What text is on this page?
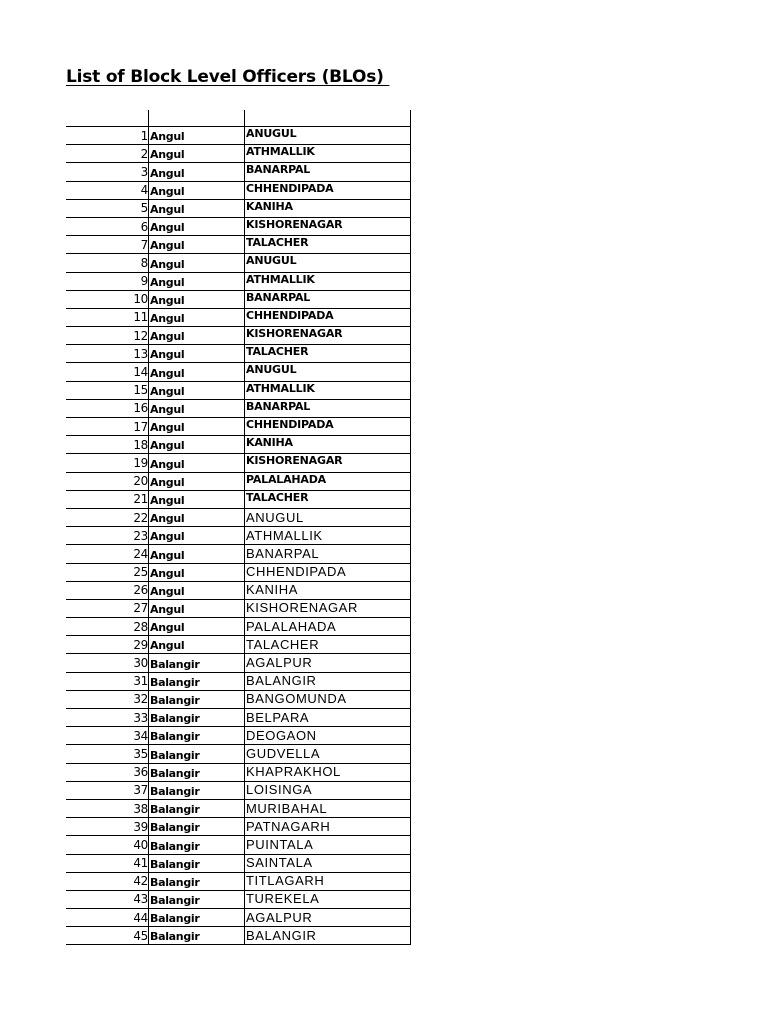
List of Block Level Officers (BLOs)

1	Angul	ANUGUL
2	Angul	ATHMALLIK
3	Angul	BANARPAL
4	Angul	CHHENDIPADA
5	Angul	KANIHA
6	Angul	KISHORENAGAR
7	Angul	TALACHER
8	Angul	ANUGUL
9	Angul	ATHMALLIK
10	Angul	BANARPAL
11	Angul	CHHENDIPADA
12	Angul	KISHORENAGAR
13	Angul	TALACHER
14	Angul	ANUGUL
15	Angul	ATHMALLIK
16	Angul	BANARPAL
17	Angul	CHHENDIPADA
18	Angul	KANIHA
19	Angul	KISHORENAGAR
20	Angul	PALALAHADA
21	Angul	TALACHER
22	Angul	ANUGUL
23	Angul	ATHMALLIK
24	Angul	BANARPAL
25	Angul	CHHENDIPADA
26	Angul	KANIHA
27	Angul	KISHORENAGAR
28	Angul	PALALAHADA
29	Angul	TALACHER
30	Balangir	AGALPUR
31	Balangir	BALANGIR
32	Balangir	BANGOMUNDA
33	Balangir	BELPARA
34	Balangir	DEOGAON
35	Balangir	GUDVELLA
36	Balangir	KHAPRAKHOL
37	Balangir	LOISINGA
38	Balangir	MURIBAHAL
39	Balangir	PATNAGARH
40	Balangir	PUINTALA
41	Balangir	SAINTALA
42	Balangir	TITLAGARH
43	Balangir	TUREKELA
44	Balangir	AGALPUR
45	Balangir	BALANGIR
